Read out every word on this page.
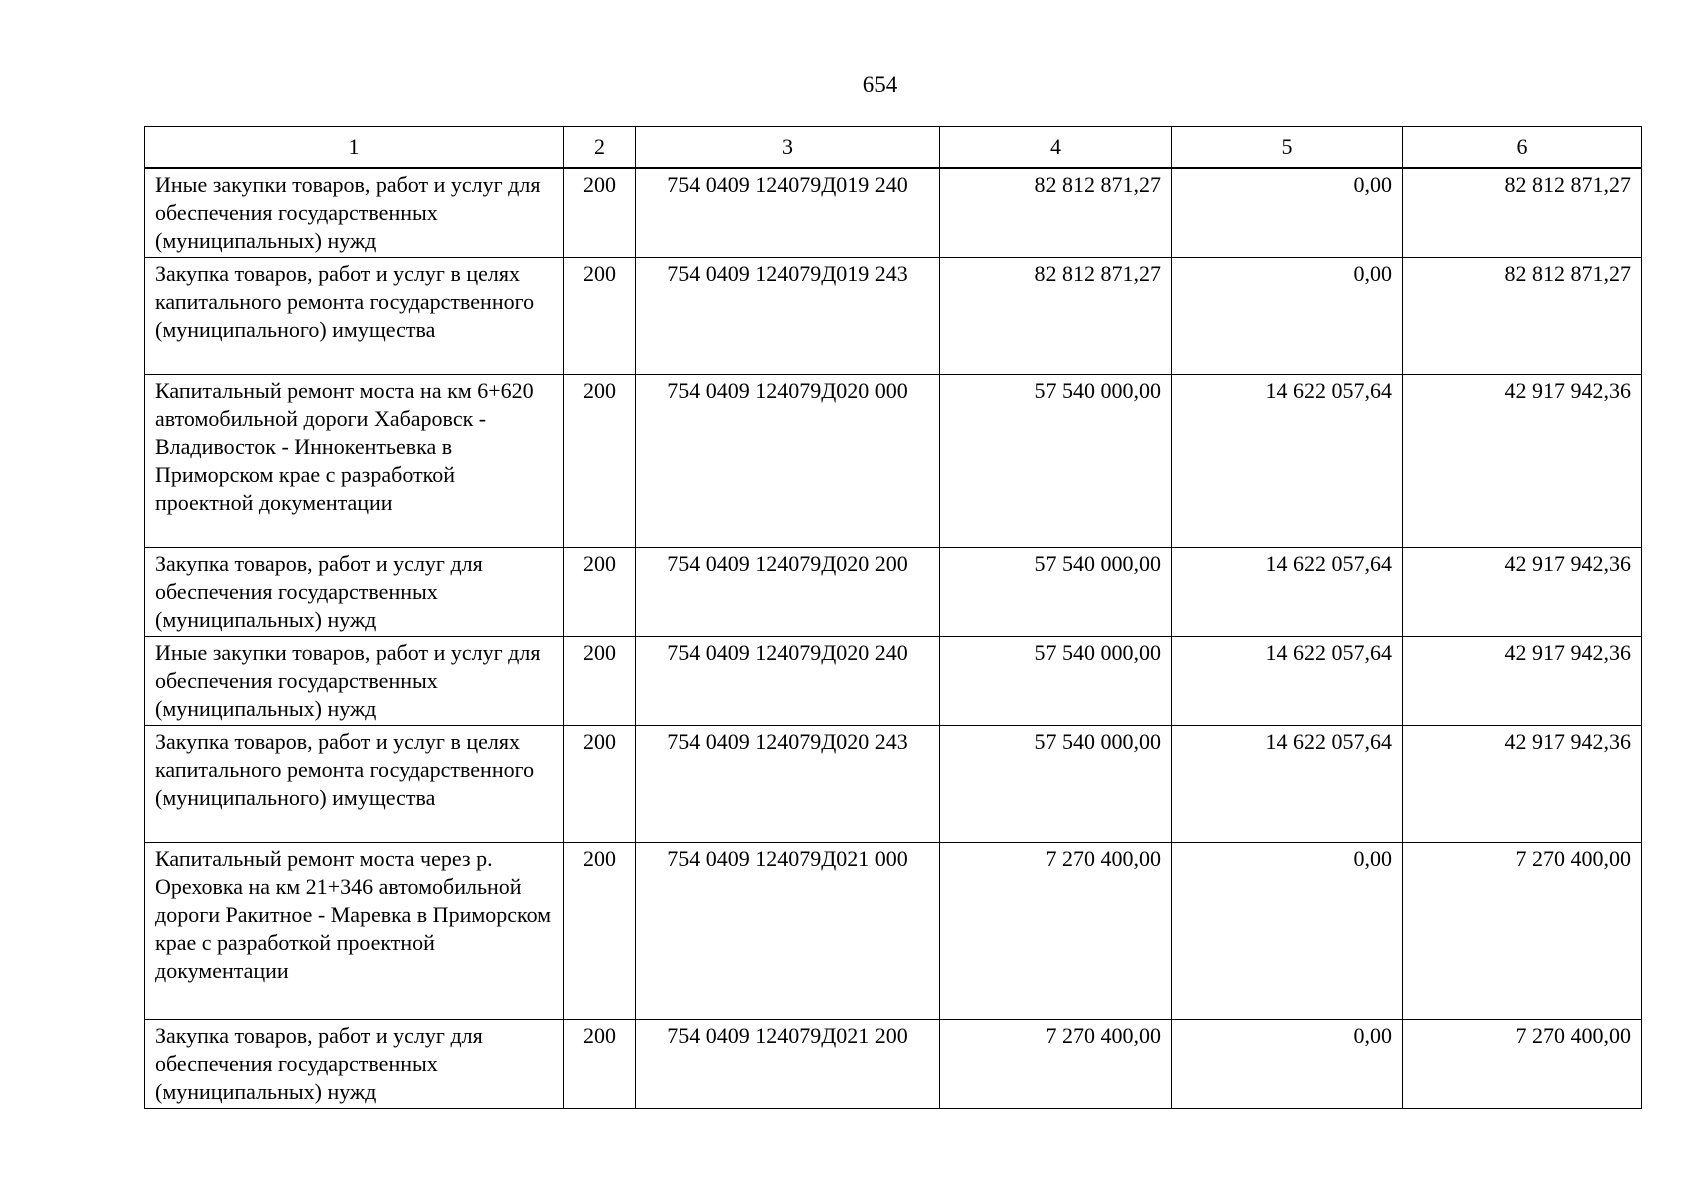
654
1	2	3	4	5	6
Иные закупки товаров, работ и услуг для обеспечения государственных (муниципальных) нужд	200	754 0409 124079Д019 240	82 812 871,27	0,00	82 812 871,27
Закупка товаров, работ и услуг в целях капитального ремонта государственного (муниципального) имущества	200	754 0409 124079Д019 243	82 812 871,27	0,00	82 812 871,27
Капитальный ремонт моста на км 6+620 автомобильной дороги Хабаровск - Владивосток - Иннокентьевка в Приморском крае с разработкой проектной документации	200	754 0409 124079Д020 000	57 540 000,00	14 622 057,64	42 917 942,36
Закупка товаров, работ и услуг для обеспечения государственных (муниципальных) нужд	200	754 0409 124079Д020 200	57 540 000,00	14 622 057,64	42 917 942,36
Иные закупки товаров, работ и услуг для обеспечения государственных (муниципальных) нужд	200	754 0409 124079Д020 240	57 540 000,00	14 622 057,64	42 917 942,36
Закупка товаров, работ и услуг в целях капитального ремонта государственного (муниципального) имущества	200	754 0409 124079Д020 243	57 540 000,00	14 622 057,64	42 917 942,36
Капитальный ремонт моста через р. Ореховка на км 21+346 автомобильной дороги Ракитное - Маревка в Приморском крае с разработкой проектной документации	200	754 0409 124079Д021 000	7 270 400,00	0,00	7 270 400,00
Закупка товаров, работ и услуг для обеспечения государственных (муниципальных) нужд	200	754 0409 124079Д021 200	7 270 400,00	0,00	7 270 400,00
